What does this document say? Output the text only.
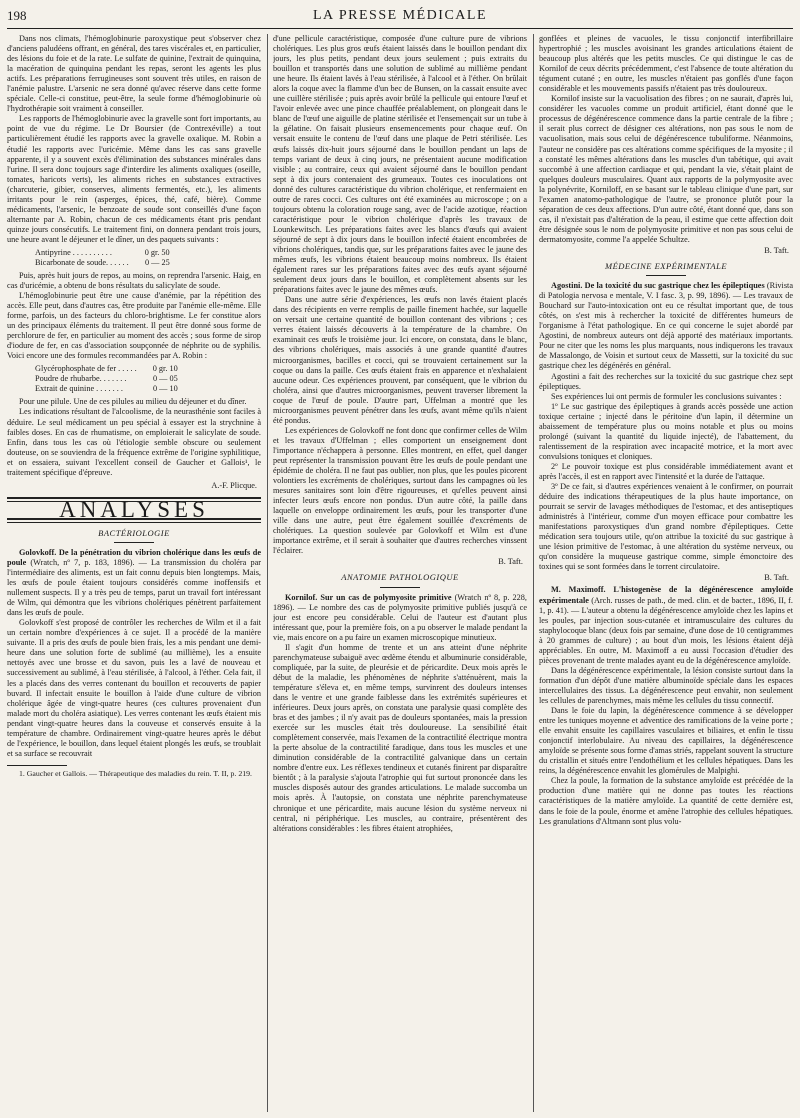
198	LA PRESSE MÉDICALE

Dans nos climats, l'hémoglobinurie paroxystique peut s'observer chez d'anciens paludéens offrant, en général, des tares viscérales et, en particulier, des lésions du foie et de la rate. Le sulfate de quinine, l'extrait de quinquina, la macération de quinquina pendant les repas, seront les agents les plus actifs. Les préparations ferrugineuses sont souvent très utiles, en raison de l'anémie palustre. L'arsenic ne sera donné qu'avec réserve dans cette forme spéciale. Celle-ci constitue, peut-être, la seule forme d'hémoglobinurie où l'hydrothérapie soit vraiment à conseiller.

Les rapports de l'hémoglobinurie avec la gravelle sont fort importants, au point de vue du régime. Le Dr Boursier (de Contrexéville) a tout particulièrement étudié les rapports avec la gravelle oxalique. M. Robin a étudié les rapports avec l'uricémie. Même dans les cas sans gravelle apparente, il y a souvent excès d'élimination des substances minérales dans l'urine. Il sera donc toujours sage d'interdire les aliments oxaliques (oseille, tomates, haricots verts), les aliments riches en substances extractives (charcuterie, gibier, conserves, aliments fermentés, etc.), les aliments irritants pour le rein (asperges, épices, thé, café, bière). Comme médicaments, l'arsenic, le benzoate de soude sont conseillés d'une façon alternante par A. Robin, chacun de ces médicaments étant pris pendant quinze jours consécutifs. Le traitement fini, on donnera pendant trois jours, une heure avant le déjeuner et le dîner, un des paquets suivants :

Antipyrine . . . . . . . . . .	0 gr. 50
Bicarbonate de soude. . . . . .	0 — 25

Puis, après huit jours de repos, au moins, on reprendra l'arsenic. Haig, en cas d'uricémie, a obtenu de bons résultats du salicylate de soude.

L'hémoglobinurie peut être une cause d'anémie, par la répétition des accès. Elle peut, dans d'autres cas, être produite par l'anémie elle-même. Elle forme, parfois, un des facteurs du chloro-brightisme. Le fer constitue alors un des principaux éléments du traitement. Il peut être donné sous forme de perchlorure de fer, en particulier au moment des accès ; sous forme de sirop d'iodure de fer, en cas d'association soupçonnée de néphrite ou de syphilis. Voici encore une des formules recommandées par A. Robin :

Glycérophosphate de fer . . . . .	0 gr. 10
Poudre de rhubarbe. . . . . . .	0 — 05
Extrait de quinine . . . . . . .	0 — 10

Pour une pilule. Une de ces pilules au milieu du déjeuner et du dîner.

Les indications résultant de l'alcoolisme, de la neurasthénie sont faciles à déduire. Le seul médicament un peu spécial à essayer est la strychnine à faibles doses. En cas de rhumatisme, on emploierait le salicylate de soude. Enfin, dans tous les cas où l'étiologie semble obscure ou seulement douteuse, on se souviendra de la fréquence extrême de l'origine syphilitique, et on essaiera, suivant l'excellent conseil de Gaucher et Gallois¹, le traitement spécifique d'épreuve.

A.-F. Plicque.
ANALYSES
BACTÉRIOLOGIE

Golovkoff. De la pénétration du vibrion cholérique dans les œufs de poule (Wratch, nº 7, p. 183, 1896). — La transmission du choléra par l'intermédiaire des aliments, est un fait connu depuis bien longtemps. Mais, les œufs de poule étaient toujours considérés comme inoffensifs et nullement suspects. Il y a très peu de temps, parut un travail fort intéressant de Wilm, qui démontra que les vibrions cholériques pénètrent parfaitement dans les œufs de poule.

Golovkoff s'est proposé de contrôler les recherches de Wilm et il a fait un certain nombre d'expériences à ce sujet. Il a procédé de la manière suivante. Il a pris des œufs de poule bien frais, les a mis pendant une demi-heure dans une solution forte de sublimé (au millième), les a ensuite nettoyés avec une brosse et du savon, puis les a lavé de nouveau et successivement au sublimé, à l'eau stérilisée, à l'alcool, à l'éther. Cela fait, il les a placés dans des verres contenant du bouillon et recouverts de papier buvard. Il infectait ensuite le bouillon à l'aide d'une culture de vibrion cholérique âgée de vingt-quatre heures (ces cultures provenaient d'un malade mort du choléra asiatique). Les verres contenant les œufs étaient mis pendant vingt-quatre heures dans la couveuse et conservés ensuite à la température de chambre. Ordinairement vingt-quatre heures après le début de l'expérience, le bouillon, dans lequel étaient plongés les œufs, se troublait et sa surface se recouvrait

1. Gaucher et Gallois. — Thérapeutique des maladies du rein. T. II, p. 219.

d'une pellicule caractéristique, composée d'une culture pure de vibrions cholériques. Les plus gros œufs étaient laissés dans le bouillon pendant dix jours, les plus petits, pendant deux jours seulement ; puis extraits du bouillon et transportés dans une solution de sublimé au millième pendant une heure. Ils étaient lavés à l'eau stérilisée, à l'alcool et à l'éther. On brûlait alors la coque avec la flamme d'un bec de Bunsen, on la cassait ensuite avec une cuillère stérilisée ; puis après avoir brûlé la pellicule qui entoure l'œuf et l'avoir enlevée avec une pince chauffée préalablement, on plongeait dans le blanc de l'œuf une aiguille de platine stérilisée et l'ensemençait sur un tube à la gélatine. On faisait plusieurs ensemencements pour chaque œuf. On versait ensuite le contenu de l'œuf dans une plaque de Petri stérilisée. Les œufs laissés dix-huit jours séjourné dans le bouillon pendant un laps de temps variant de deux à cinq jours, ne présentaient aucune modification visible ; au contraire, ceux qui avaient séjourné dans le bouillon pendant sept à dix jours contenaient des grumeaux. Toutes ces inoculations ont donné des cultures caractéristique du vibrion cholérique, et renfermaient en outre de rares cocci. Ces cultures ont été examinées au microscope ; on a toujours obtenu la coloration rouge sang, avec de l'acide azotique, réaction caractéristique pour le vibrion cholérique d'après les travaux de Lounkewitsch. Les préparations faites avec les blancs d'œufs qui avaient séjourné de sept à dix jours dans le bouillon infecté étaient encombrées de vibrions cholériques, tandis que, sur les préparations faites avec le jaune des mêmes œufs, les vibrions étaient beaucoup moins nombreux. Ils étaient également rares sur les préparations faites avec des œufs ayant séjourné seulement deux jours dans le bouillon, et complètement absents sur les préparations faites avec le jaune des mêmes œufs.

Dans une autre série d'expériences, les œufs non lavés étaient placés dans des récipients en verre remplis de paille finement hachée, sur laquelle on versait une certaine quantité de bouillon contenant des vibrions ; ces verres étaient laissés découverts à la température de la chambre. On examinait ces œufs le troisième jour. Ici encore, on constata, dans le blanc, des vibrions cholériques, mais associés à une grande quantité d'autres microorganismes, bacilles et cocci, qui se trouvaient certainement sur la coque ou dans la paille. Ces œufs étaient frais en apparence et n'exhalaient aucune odeur. Ces expériences prouvent, par conséquent, que le vibrion du choléra, ainsi que d'autres microorganismes, peuvent traverser librement la coque de l'œuf de poule. D'autre part, Uffelman a montré que les microorganismes peuvent pénétrer dans les œufs, avant même qu'ils n'aient été pondus.

Les expériences de Golovkoff ne font donc que confirmer celles de Wilm et les travaux d'Uffelman ; elles comportent un enseignement dont l'importance n'échappera à personne. Elles montrent, en effet, quel danger peut représenter la transmission pouvant être les œufs de poule pendant une épidémie de choléra. Il ne faut pas oublier, non plus, que les poules picorent volontiers les excréments de cholériques, surtout dans les campagnes où les mesures sanitaires sont loin d'être rigoureuses, et qu'elles peuvent ainsi infecter leurs œufs encore non pondus. D'un autre côté, la paille dans laquelle on enveloppe ordinairement les œufs, pour les transporter d'une ville dans une autre, peut être également souillée d'excréments de cholériques. La question soulevée par Golovkoff et Wilm est d'une importance extrême, et il serait à souhaiter que d'autres recherches vinssent l'éclairer.

B. Taft.
ANATOMIE PATHOLOGIQUE

Kornilof. Sur un cas de polymyosite primitive (Wratch nº 8, p. 228, 1896). — Le nombre des cas de polymyosite primitive publiés jusqu'à ce jour est encore peu considérable. Celui de l'auteur est d'autant plus intéressant que, pour la première fois, on a pu observer le malade pendant la vie, mais encore on a pu faire un examen microscopique minutieux.

Il s'agit d'un homme de trente et un ans atteint d'une néphrite parenchymateuse subaiguë avec œdème étendu et albuminurie considérable, compliquée, par la suite, de pleurésie et de péricardite. Deux mois après le début de la maladie, les phénomènes de néphrite s'atténuèrent, mais la température s'éleva et, en même temps, survinrent des douleurs intenses dans le ventre et une grande faiblesse dans les extrémités supérieures et inférieures. Deux jours après, on constata une paralysie quasi complète des bras et des jambes ; il n'y avait pas de douleurs spontanées, mais la pression exercée sur les muscles était très douloureuse. La sensibilité était complètement conservée, mais l'examen de la contractilité électrique montra la perte absolue de la contractilité faradique, dans tous les muscles et une diminution considérable de la contractilité galvanique dans un certain nombre d'entre eux. Les réflexes tendineux et cutanés finirent par disparaître bientôt ; à la paralysie s'ajouta l'atrophie qui fut surtout prononcée dans les muscles disposés autour des grandes articulations. Le malade succomba un mois après. À l'autopsie, on constata une néphrite parenchymateuse chronique et une péricardite, mais aucune lésion du système nerveux ni central, ni périphérique. Les muscles, au contraire, présentèrent des altérations considérables : les fibres étaient atrophiées,

gonflées et pleines de vacuoles, le tissu conjonctif interfibrillaire hypertrophié ; les muscles avoisinant les grandes articulations étaient de beaucoup plus altérés que les petits muscles. Ce qui distingue le cas de Kornilof de ceux décrits précédemment, c'est l'absence de toute altération du tégument cutané ; en outre, les muscles n'étaient pas gonflés d'une façon considérable et les mouvements passifs n'étaient pas très douloureux.

Kornilof insiste sur la vacuolisation des fibres ; on ne saurait, d'après lui, considérer les vacuoles comme un produit artificiel, étant donné que le processus de dégénérescence commence dans la partie centrale de la fibre ; il serait plus correct de désigner ces altérations, non pas sous le nom de vacuolisation, mais sous celui de dégénérescence tubuliforme. Néanmoins, l'auteur ne considère pas ces altérations comme spécifiques de la myosite ; il a constaté les mêmes altérations dans les muscles d'un tabétique, qui avait succombé à une affection cardiaque et qui, pendant la vie, s'était plaint de quelques douleurs musculaires. Quant aux rapports de la polymyosite avec la polynévrite, Korniloff, en se basant sur le tableau clinique d'une part, sur l'examen anatomo-pathologique de l'autre, se prononce plutôt pour la séparation de ces deux affections. D'un autre côté, étant donné que, dans son cas, il n'existait pas d'altération de la peau, il estime que cette affection doit être désignée sous le nom de polymyosite primitive et non pas sous celui de dermatomyosite, comme l'a appelée Schultze.

B. Taft.
MÉDECINE EXPÉRIMENTALE

Agostini. De la toxicité du suc gastrique chez les épileptiques (Rivista di Patologia nervosa e mentale, V. I fasc. 3, p. 99, 1896). — Les travaux de Bouchard sur l'auto-intoxication ont eu ce résultat important que, de tous côtés, on s'est mis à rechercher la toxicité de différentes humeurs de l'organisme à l'état pathologique. En ce qui concerne le sujet abordé par Agostini, de nombreux auteurs ont déjà apporté des matériaux importants. Pour ne citer que les noms les plus marquants, nous indiquerons les travaux de Massalongo, de Voisin et surtout ceux de Massetti, sur la toxicité du suc gastrique chez les dégénérés en général.

Agostini a fait des recherches sur la toxicité du suc gastrique chez sept épileptiques.

Ses expériences lui ont permis de formuler les conclusions suivantes :

1º Le suc gastrique des épileptiques à grands accès possède une action toxique certaine ; injecté dans le péritoine d'un lapin, il détermine un abaissement de température plus ou moins notable et plus ou moins prolongé (suivant la quantité du liquide injecté), de l'abattement, du ralentissement de la respiration avec incapacité motrice, et la mort avec convulsions toniques et cloniques.

2º Le pouvoir toxique est plus considérable immédiatement avant et après l'accès, il est en rapport avec l'intensité et la durée de l'attaque.

3º De ce fait, si d'autres expériences venaient à le confirmer, on pourrait déduire des indications thérapeutiques de la plus haute importance, on pourrait se servir de lavages méthodiques de l'estomac, et des antiseptiques administrés à l'intérieur, comme d'un moyen efficace pour combattre les manifestations paroxystiques d'un grand nombre d'épileptiques. Cette médication sera toujours utile, qu'on attribue la toxicité du suc gastrique à une lésion primitive de l'estomac, à une altération du système nerveux, ou qu'on considère la muqueuse gastrique comme, simple émonctoire des toxines qui se sont formées dans le torrent circulatoire.

B. Taft.

M. Maximoff. L'histogenèse de la dégénérescence amyloïde expérimentale (Arch. russes de path., de med. clin. et de bacter., 1896, II, f. 1, p. 41). — L'auteur a obtenu la dégénérescence amyloïde chez les lapins et les poules, par injection sous-cutanée et intramusculaire des cultures du staphylocoque blanc (deux fois par semaine, d'une dose de 10 centigrammes à 20 grammes de culture) ; au bout d'un mois, les lésions étaient déjà appréciables. En outre, M. Maximoff a eu aussi l'occasion d'étudier des pièces provenant de trente malades ayant eu de la dégénérescence amyloïde.

Dans la dégénérescence expérimentale, la lésion consiste surtout dans la formation d'un dépôt d'une matière albuminoïde spéciale dans les espaces intercellulaires des tissus. La dégénérescence peut envahir, non seulement les cellules de parenchymes, mais même les cellules du tissu connectif.

Dans le foie du lapin, la dégénérescence commence à se développer entre les tuniques moyenne et adventice des ramifications de la veine porte ; elle envahit ensuite les capillaires vasculaires et biliaires, et enfin le tissu conjonctif interlobulaire. Au niveau des capillaires, la dégénérescence amyloïde se présente sous forme d'amas striés, rappelant souvent la structure du cristallin et situés entre l'endothélium et les cellules hépatiques. Dans les reins, la dégénérescence envahit les glomérules de Malpighi.

Chez la poule, la formation de la substance amyloïde est précédée de la production d'une matière qui ne donne pas toutes les réactions caractéristiques de la matière amyloïde. La quantité de cette dernière est, dans le foie de la poule, énorme et amène l'atrophie des cellules hépatiques. Les granulations d'Altmann sont plus volu-
